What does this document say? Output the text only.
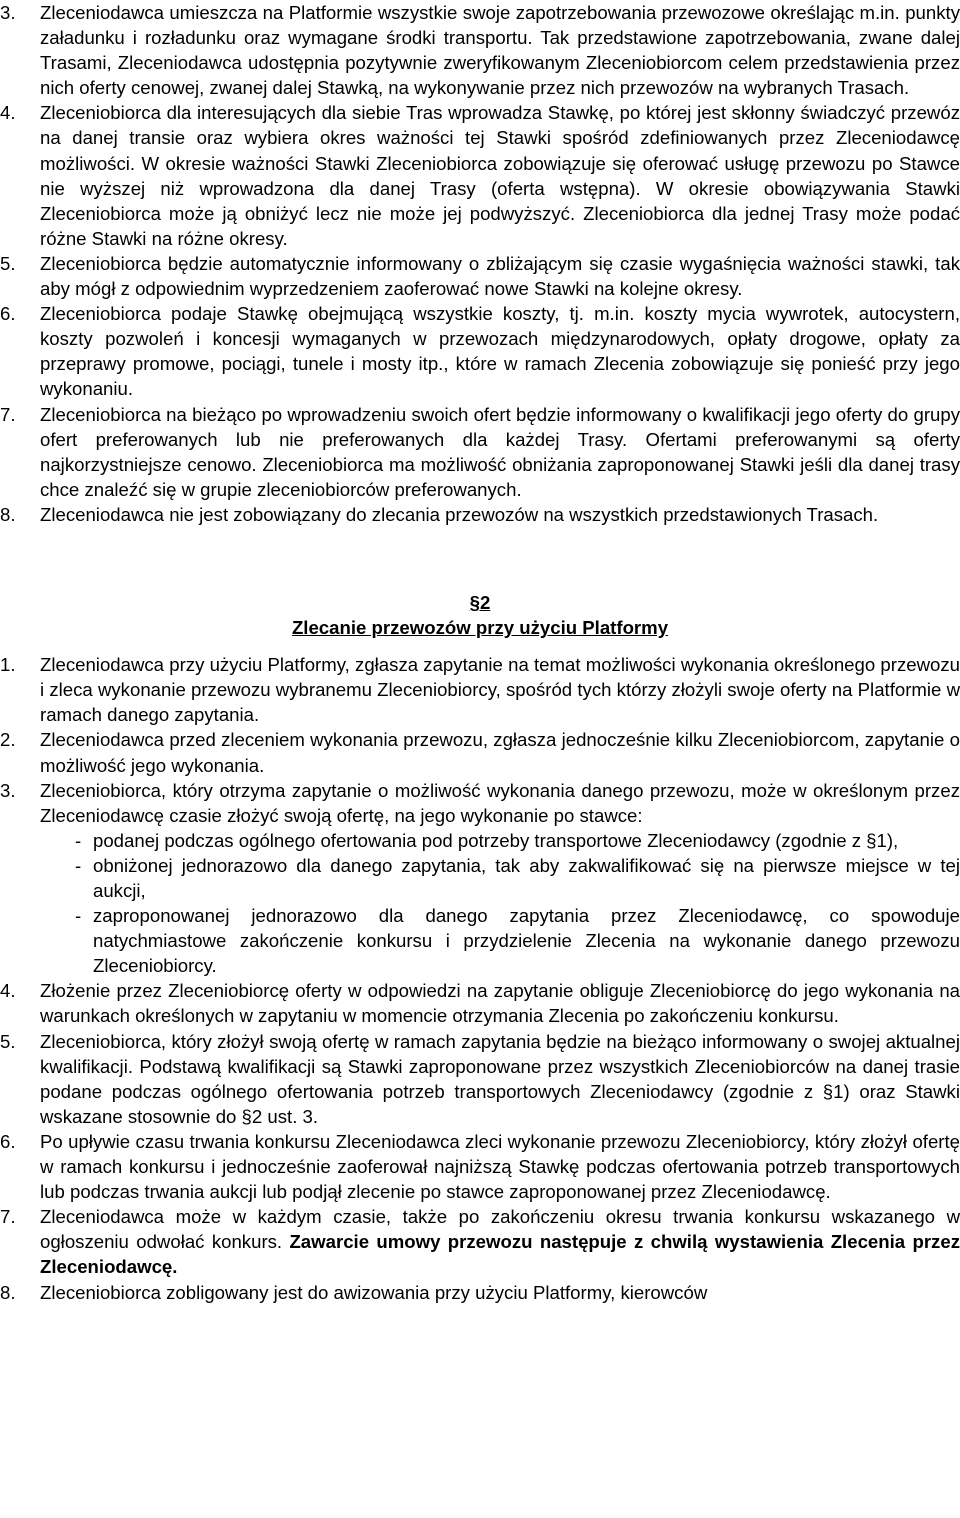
3.	Zleceniodawca umieszcza na Platformie wszystkie swoje zapotrzebowania przewozowe określając m.in. punkty załadunku i rozładunku oraz wymagane środki transportu. Tak przedstawione zapotrzebowania, zwane dalej Trasami, Zleceniodawca udostępnia pozytywnie zweryfikowanym Zleceniobiorcom celem przedstawienia przez nich oferty cenowej, zwanej dalej Stawką, na wykonywanie przez nich przewozów na wybranych Trasach.
4.	Zleceniobiorca dla interesujących dla siebie Tras wprowadza Stawkę, po której jest skłonny świadczyć przewóz na danej transie oraz wybiera okres ważności tej Stawki spośród zdefiniowanych przez Zleceniodawcę możliwości. W okresie ważności Stawki Zleceniobiorca zobowiązuje się oferować usługę przewozu po Stawce nie wyższej niż wprowadzona dla danej Trasy (oferta wstępna). W okresie obowiązywania Stawki Zleceniobiorca może ją obniżyć lecz nie może jej podwyższyć. Zleceniobiorca dla jednej Trasy może podać różne Stawki na różne okresy.
5.	Zleceniobiorca będzie automatycznie informowany o zbliżającym się czasie wygaśnięcia ważności stawki, tak aby mógł z odpowiednim wyprzedzeniem zaoferować nowe Stawki na kolejne okresy.
6.	Zleceniobiorca podaje Stawkę obejmującą wszystkie koszty, tj. m.in. koszty mycia wywrotek, autocystern, koszty pozwoleń i koncesji wymaganych w przewozach międzynarodowych, opłaty drogowe, opłaty za przeprawy promowe, pociągi, tunele i mosty itp., które w ramach Zlecenia zobowiązuje się ponieść przy jego wykonaniu.
7.	Zleceniobiorca na bieżąco po wprowadzeniu swoich ofert będzie informowany o kwalifikacji jego oferty do grupy ofert preferowanych lub nie preferowanych dla każdej Trasy. Ofertami preferowanymi są oferty najkorzystniejsze cenowo. Zleceniobiorca ma możliwość obniżania zaproponowanej Stawki jeśli dla danej trasy chce znaleźć się w grupie zleceniobiorców preferowanych.
8.	Zleceniodawca nie jest zobowiązany do zlecania przewozów na wszystkich przedstawionych Trasach.
§2
Zlecanie przewozów przy użyciu Platformy
1.	Zleceniodawca przy użyciu Platformy, zgłasza zapytanie na temat możliwości wykonania określonego przewozu i zleca wykonanie przewozu wybranemu Zleceniobiorcy, spośród tych którzy złożyli swoje oferty na Platformie w ramach danego zapytania.
2.	Zleceniodawca przed zleceniem wykonania przewozu, zgłasza jednocześnie kilku Zleceniobiorcom, zapytanie o możliwość jego wykonania.
3.	Zleceniobiorca, który otrzyma zapytanie o możliwość wykonania danego przewozu, może w określonym przez Zleceniodawcę czasie złożyć swoją ofertę, na jego wykonanie po stawce:
- podanej podczas ogólnego ofertowania pod potrzeby transportowe Zleceniodawcy (zgodnie z §1),
- obniżonej jednorazowo dla danego zapytania, tak aby zakwalifikować się na pierwsze miejsce w tej aukcji,
- zaproponowanej jednorazowo dla danego zapytania przez Zleceniodawcę, co spowoduje natychmiastowe zakończenie konkursu i przydzielenie Zlecenia na wykonanie danego przewozu Zleceniobiorcy.
4.	Złożenie przez Zleceniobiorcę oferty w odpowiedzi na zapytanie obliguje Zleceniobiorcę do jego wykonania na warunkach określonych w zapytaniu w momencie otrzymania Zlecenia po zakończeniu konkursu.
5.	Zleceniobiorca, który złożył swoją ofertę w ramach zapytania będzie na bieżąco informowany o swojej aktualnej kwalifikacji. Podstawą kwalifikacji są Stawki zaproponowane przez wszystkich Zleceniobiorców na danej trasie podane podczas ogólnego ofertowania potrzeb transportowych Zleceniodawcy (zgodnie z §1) oraz Stawki wskazane stosownie do §2 ust. 3.
6.	Po upływie czasu trwania konkursu Zleceniodawca zleci wykonanie przewozu Zleceniobiorcy, który złożył ofertę w ramach konkursu i jednocześnie zaoferował najniższą Stawkę podczas ofertowania potrzeb transportowych lub podczas trwania aukcji lub podjął zlecenie po stawce zaproponowanej przez Zleceniodawcę.
7.	Zleceniodawca może w każdym czasie, także po zakończeniu okresu trwania konkursu wskazanego w ogłoszeniu odwołać konkurs. Zawarcie umowy przewozu następuje z chwilą wystawienia Zlecenia przez Zleceniodawcę.
8.	Zleceniobiorca zobligowany jest do awizowania przy użyciu Platformy, kierowców
